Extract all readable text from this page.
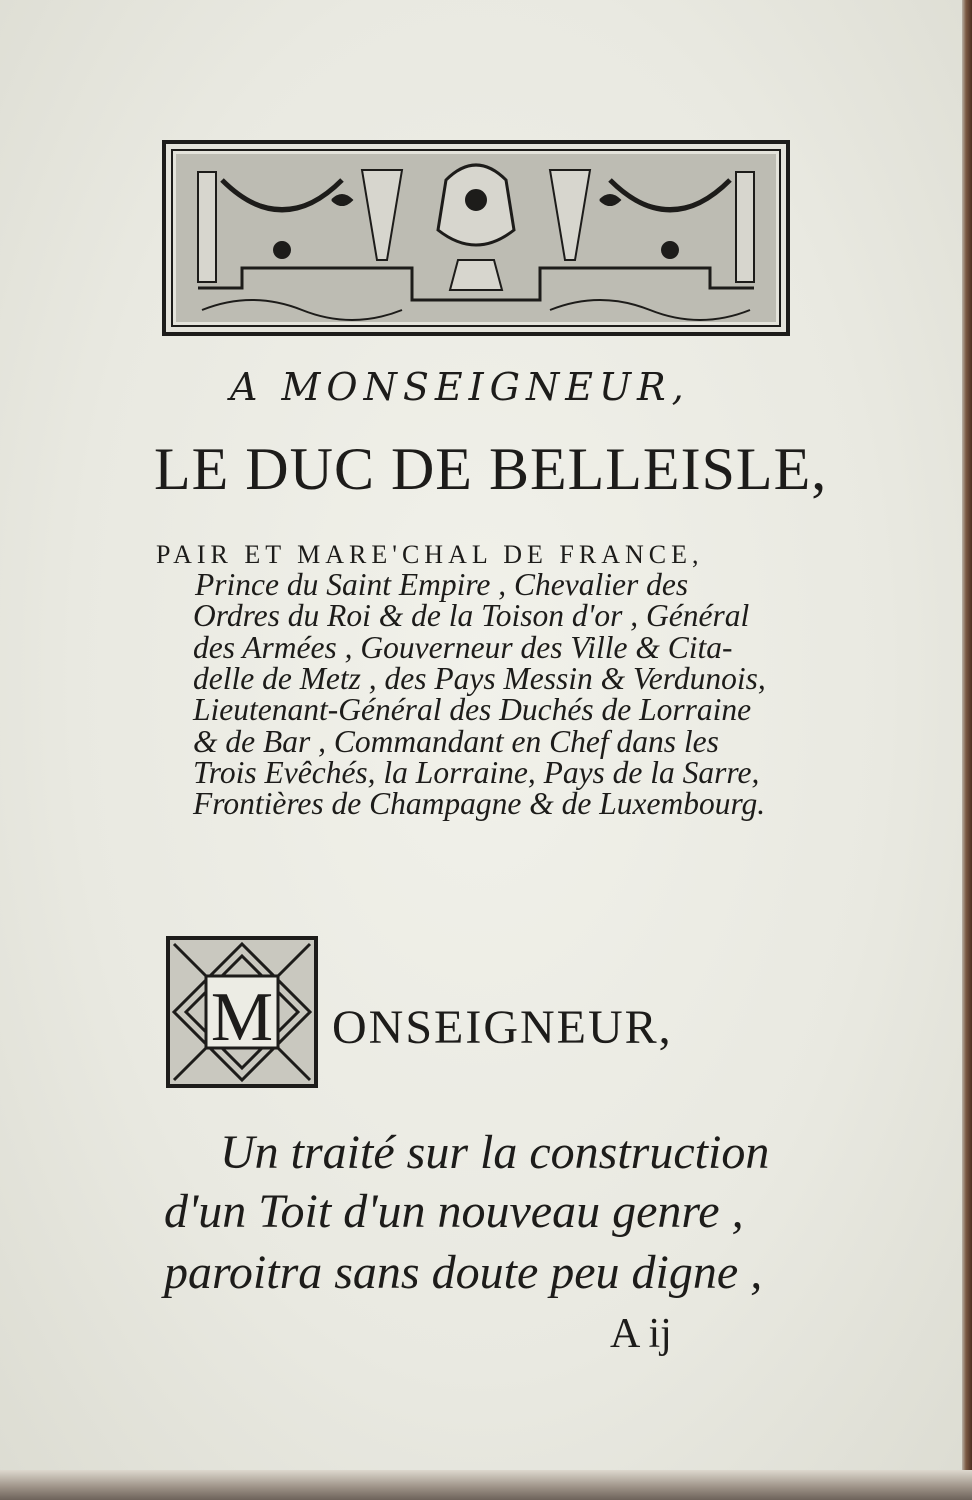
A MONSEIGNEUR,
LE DUC DE BELLEISLE,
PAIR ET MARE'CHAL DE FRANCE,
Prince du Saint Empire , Chevalier des
Ordres du Roi & de la Toison d'or , Général
des Armées , Gouverneur des Ville & Cita-
delle de Metz , des Pays Messin & Verdunois,
Lieutenant-Général des Duchés de Lorraine
& de Bar , Commandant en Chef dans les
Trois Evêchés, la Lorraine, Pays de la Sarre,
Frontières de Champagne & de Luxembourg.
M ONSEIGNEUR,
Un traité sur la construction
d'un Toit d'un nouveau genre ,
paroitra sans doute peu digne ,
A ij
